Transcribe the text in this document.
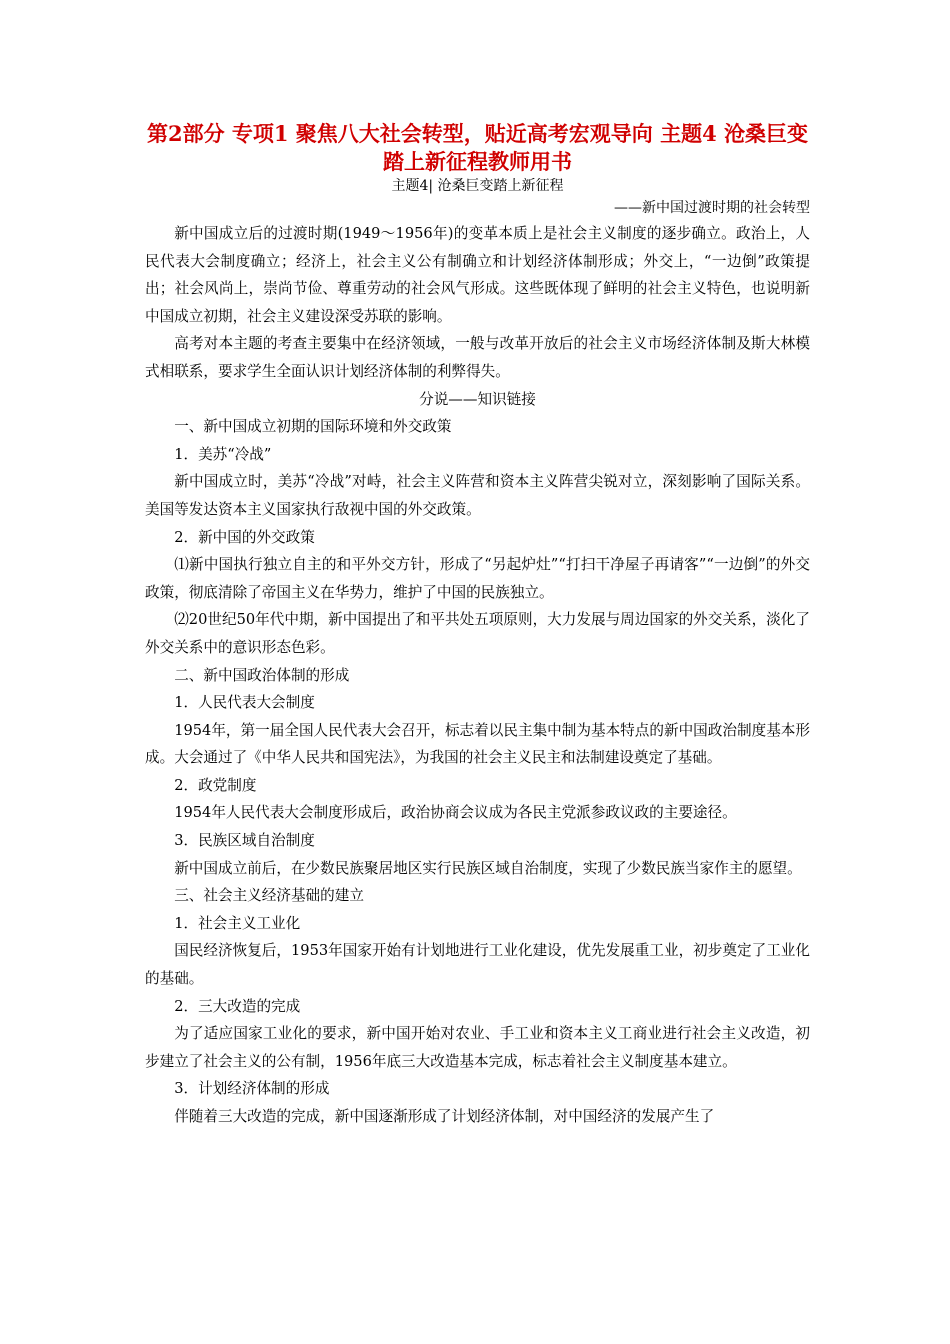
第2部分 专项1 聚焦八大社会转型，贴近高考宏观导向 主题4 沧桑巨变踏上新征程教师用书

主题4| 沧桑巨变踏上新征程

——新中国过渡时期的社会转型

新中国成立后的过渡时期(1949～1956年)的变革本质上是社会主义制度的逐步确立。政治上，人民代表大会制度确立；经济上，社会主义公有制确立和计划经济体制形成；外交上，“一边倒”政策提出；社会风尚上，崇尚节俭、尊重劳动的社会风气形成。这些既体现了鲜明的社会主义特色，也说明新中国成立初期，社会主义建设深受苏联的影响。

高考对本主题的考查主要集中在经济领域，一般与改革开放后的社会主义市场经济体制及斯大林模式相联系，要求学生全面认识计划经济体制的利弊得失。

分说——知识链接

一、新中国成立初期的国际环境和外交政策

1．美苏“冷战”

新中国成立时，美苏“冷战”对峙，社会主义阵营和资本主义阵营尖锐对立，深刻影响了国际关系。美国等发达资本主义国家执行敌视中国的外交政策。

2．新中国的外交政策

⑴新中国执行独立自主的和平外交方针，形成了“另起炉灶”“打扫干净屋子再请客”“一边倒”的外交政策，彻底清除了帝国主义在华势力，维护了中国的民族独立。

⑵20世纪50年代中期，新中国提出了和平共处五项原则，大力发展与周边国家的外交关系，淡化了外交关系中的意识形态色彩。

二、新中国政治体制的形成

1．人民代表大会制度

1954年，第一届全国人民代表大会召开，标志着以民主集中制为基本特点的新中国政治制度基本形成。大会通过了《中华人民共和国宪法》，为我国的社会主义民主和法制建设奠定了基础。

2．政党制度

1954年人民代表大会制度形成后，政治协商会议成为各民主党派参政议政的主要途径。

3．民族区域自治制度

新中国成立前后，在少数民族聚居地区实行民族区域自治制度，实现了少数民族当家作主的愿望。

三、社会主义经济基础的建立

1．社会主义工业化

国民经济恢复后，1953年国家开始有计划地进行工业化建设，优先发展重工业，初步奠定了工业化的基础。

2．三大改造的完成

为了适应国家工业化的要求，新中国开始对农业、手工业和资本主义工商业进行社会主义改造，初步建立了社会主义的公有制，1956年底三大改造基本完成，标志着社会主义制度基本建立。

3．计划经济体制的形成

伴随着三大改造的完成，新中国逐渐形成了计划经济体制，对中国经济的发展产生了
